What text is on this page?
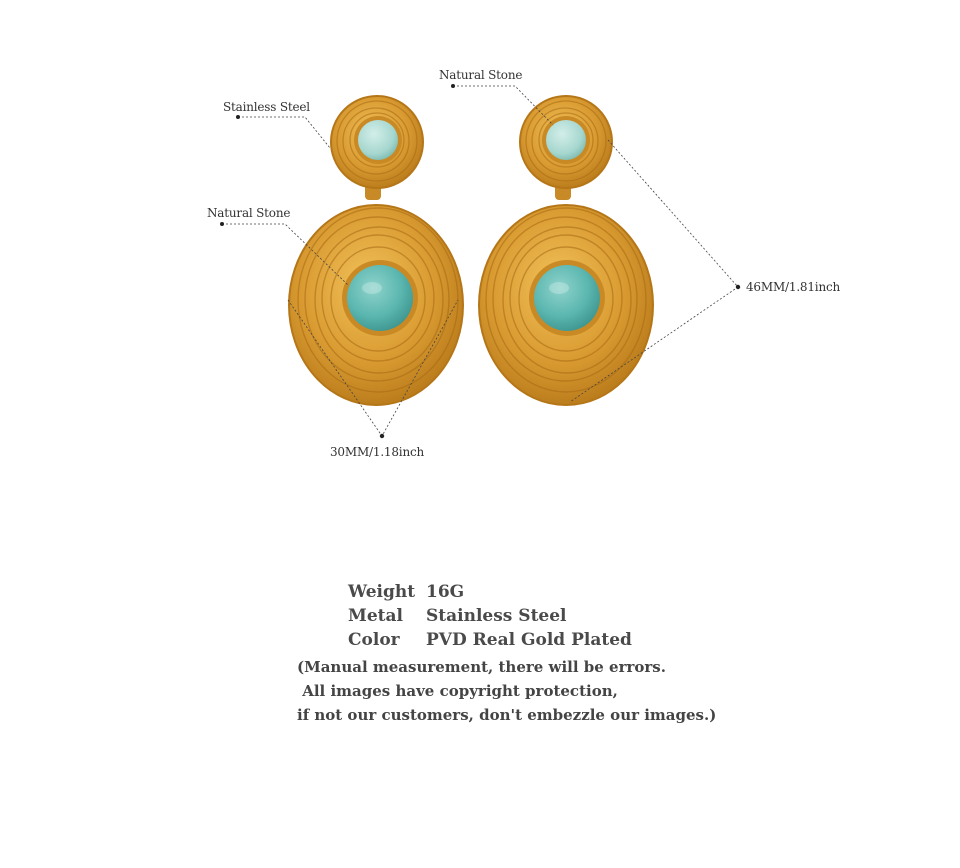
Stainless Steel
Natural Stone
Natural Stone
46MM/1.81inch
30MM/1.18inch
Weight 16G
Metal Stainless Steel
Color PVD Real Gold Plated
(Manual measurement, there will be errors.
All images have copyright protection,
if not our customers, don't embezzle our images.)
